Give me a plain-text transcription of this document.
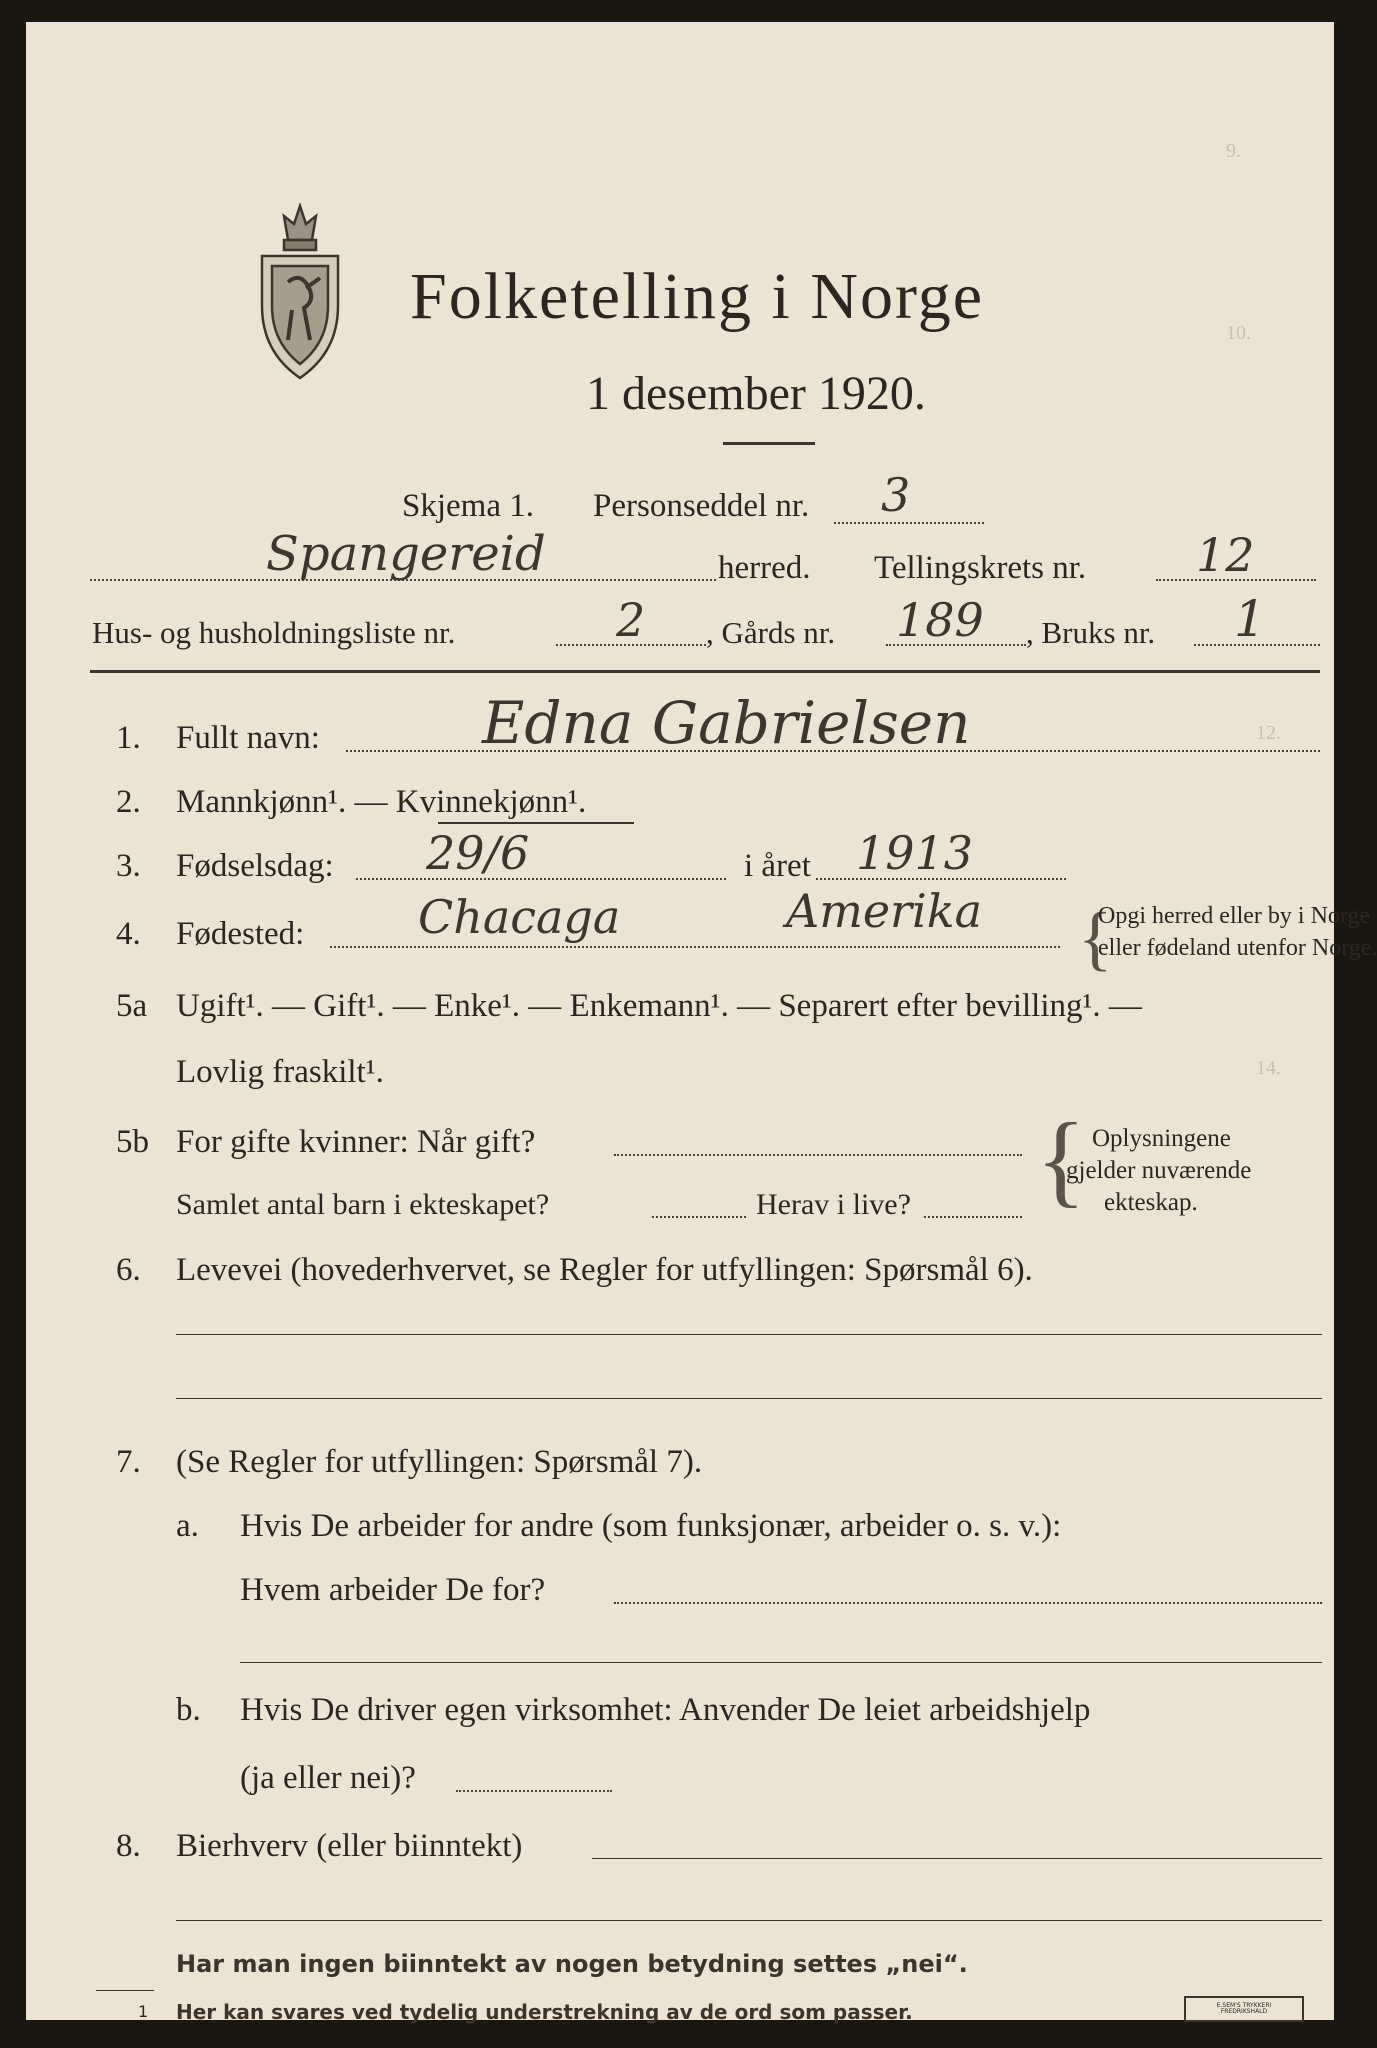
9.
10.
12.
14.
Folketelling i Norge
1 desember 1920.
Skjema 1. Personseddel nr. 3
Spangereid	herred. Tellingskrets nr. 12
Hus- og husholdningsliste nr.	2 , Gårds nr. 189 , Bruks nr. 1
1. Fullt navn:	Edna Gabrielsen
2. Mannkjønn¹. — Kvinnekjønn¹.
3. Fødselsdag: 29/6	i året 1913
4. Fødested: Chacaga	Amerika {
Opgi herred eller by i Norge
eller fødeland utenfor Norge.
5a Ugift¹. — Gift¹. — Enke¹. — Enkemann¹. — Separert efter bevilling¹. —
Lovlig fraskilt¹.
5b For gifte kvinner: Når gift?
Samlet antal barn i ekteskapet?	Herav i live? { Oplysningene
gjelder nuværende
ekteskap.
6. Levevei (hovederhvervet, se Regler for utfyllingen: Spørsmål 6).
7. (Se Regler for utfyllingen: Spørsmål 7).
a. Hvis De arbeider for andre (som funksjonær, arbeider o. s. v.):
Hvem arbeider De for?
b. Hvis De driver egen virksomhet: Anvender De leiet arbeidshjelp
(ja eller nei)?
8. Bierhverv (eller biinntekt)
Har man ingen biinntekt av nogen betydning settes „nei“.
1 Her kan svares ved tydelig understrekning av de ord som passer.	E.SEM'S TRYKKERI FREDRIKSHALD
